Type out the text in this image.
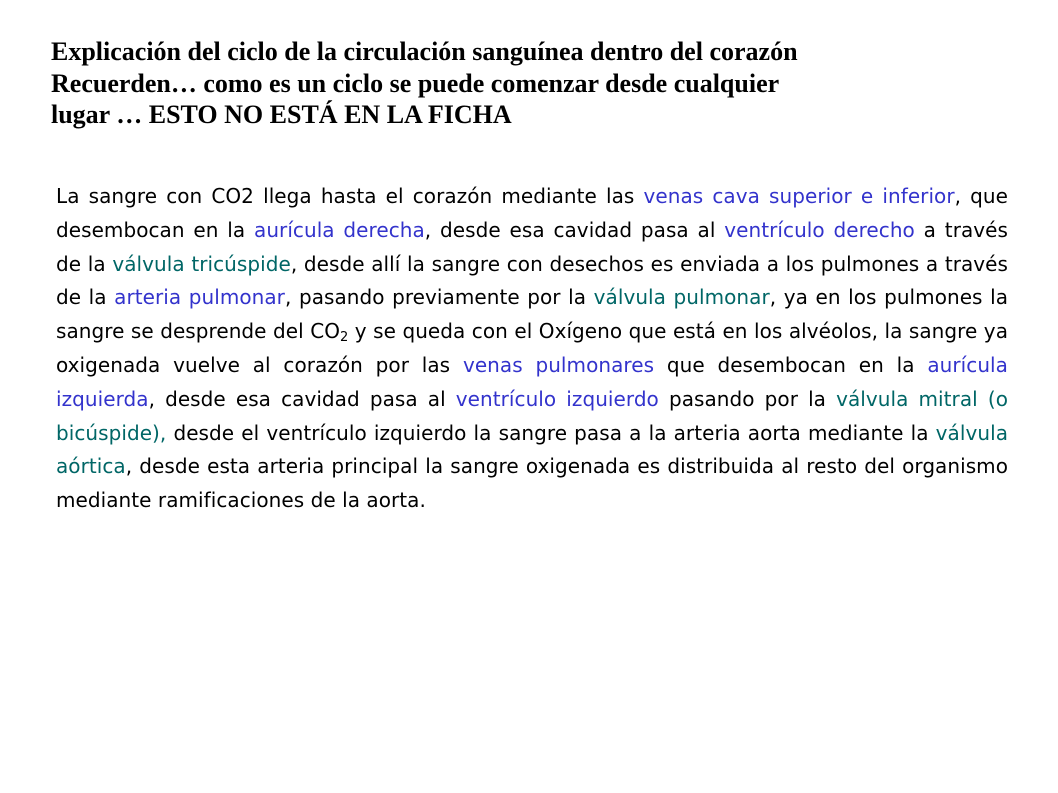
Explicación del ciclo de la circulación sanguínea dentro del corazón
Recuerden… como es un ciclo se puede comenzar desde cualquier
lugar … ESTO NO ESTÁ EN LA FICHA

La sangre con CO2 llega hasta el corazón mediante las venas cava superior e inferior, que desembocan en la aurícula derecha, desde esa cavidad pasa al ventrículo derecho a través de la válvula tricúspide, desde allí la sangre con desechos es enviada a los pulmones a través de la arteria pulmonar, pasando previamente por la válvula pulmonar, ya en los pulmones la sangre se desprende del $CO_2$ y se queda con el Oxígeno que está en los alvéolos, la sangre ya oxigenada vuelve al corazón por las venas pulmonares que desembocan en la aurícula izquierda, desde esa cavidad pasa al ventrículo izquierdo pasando por la válvula mitral (o bicúspide), desde el ventrículo izquierdo la sangre pasa a la arteria aorta mediante la válvula aórtica, desde esta arteria principal la sangre oxigenada es distribuida al resto del organismo mediante ramificaciones de la aorta.
